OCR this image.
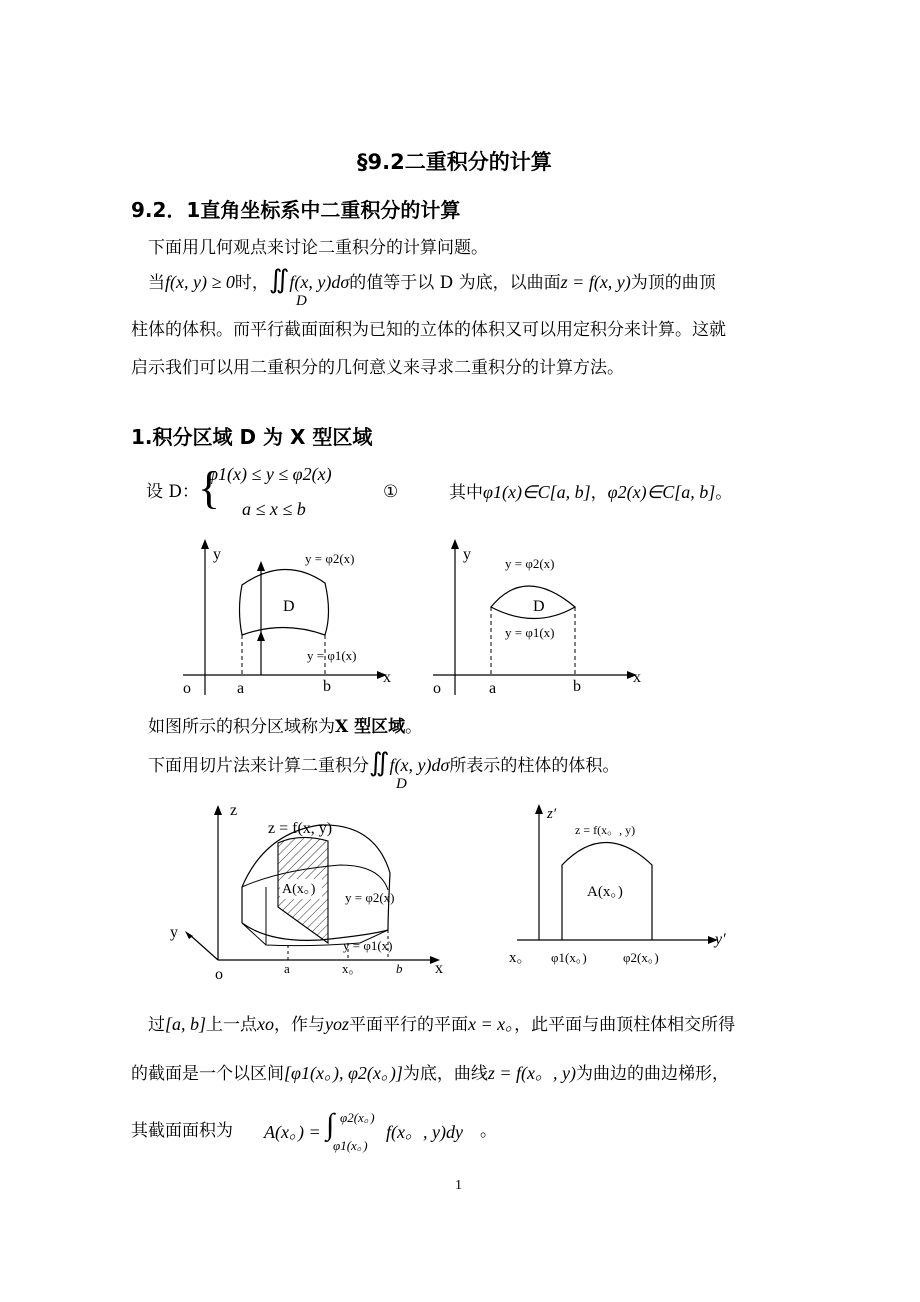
§9.2二重积分的计算
9.2．1直角坐标系中二重积分的计算
下面用几何观点来讨论二重积分的计算问题。
当f(x, y) ≥ 0时，∬f(x, y)dσ的值等于以 D 为底，以曲面z = f(x, y)为顶的曲顶
D
柱体的体积。而平行截面面积为已知的立体的体积又可以用定积分来计算。这就
启示我们可以用二重积分的几何意义来寻求二重积分的计算方法。
1.积分区域 D 为 X 型区域
设 D：
{
φ1(x) ≤ y ≤ φ2(x)
a ≤ x ≤ b
①	其中φ1(x)∈C[a, b]，φ2(x)∈C[a, b]。
y
x
o	a	b
D
y = φ2(x)
y = φ1(x)
y
x
o	a	b
D
y = φ2(x)
y = φ1(x)
如图所示的积分区域称为X 型区域。
下面用切片法来计算二重积分∬f(x, y)dσ所表示的柱体的体积。
D
z
y
x
o
z = f(x, y)
A(x。)
y = φ2(x)
y = φ1(x)
a	x。	b
z′
y′
x。
z = f(x。, y)
A(x。)
φ1(x。)	φ2(x。)
过[a, b]上一点xo，作与yoz平面平行的平面x = x。，此平面与曲顶柱体相交所得
的截面是一个以区间[φ1(x。), φ2(x。)]为底，曲线z = f(x。, y)为曲边的曲边梯形，
其截面面积为 A(x。) = ∫ φ2(x。)
φ1(x。)
f(x。, y)dy 。
1
